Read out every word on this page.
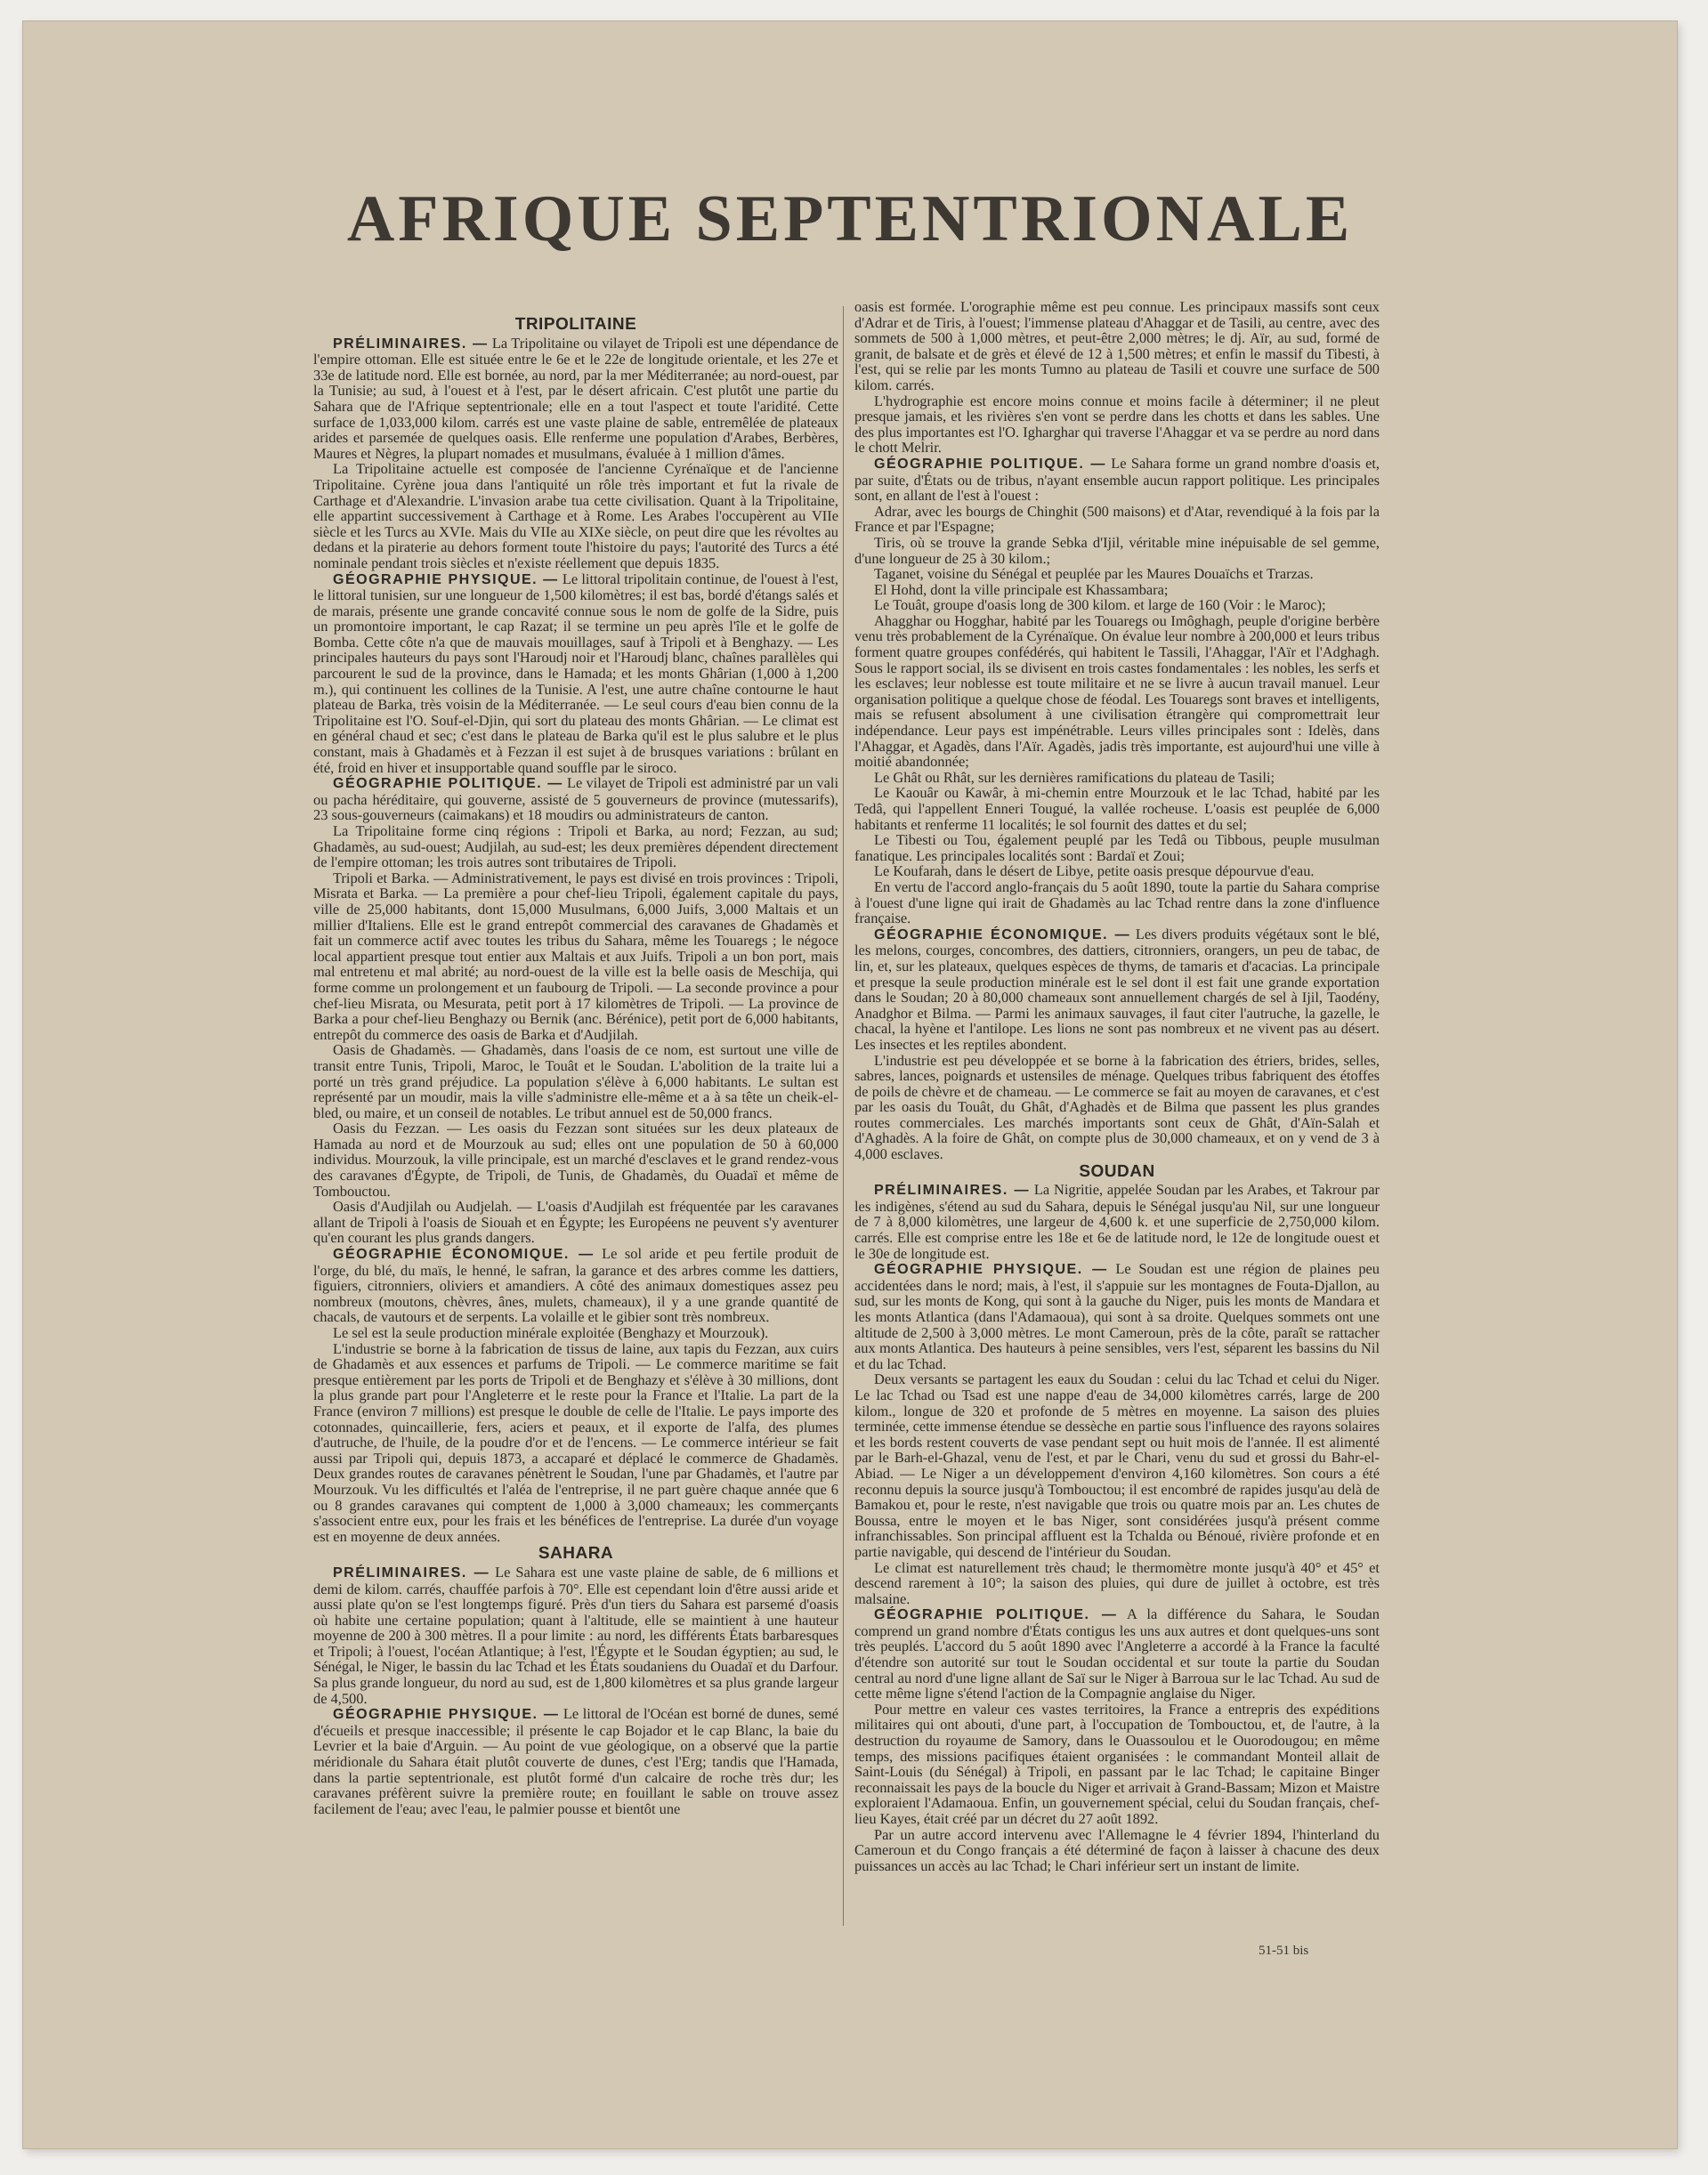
AFRIQUE SEPTENTRIONALE
TRIPOLITAINE

PRÉLIMINAIRES. — La Tripolitaine ou vilayet de Tripoli est une dépendance de l'empire ottoman. Elle est située entre le 6e et le 22e de longitude orientale, et les 27e et 33e de latitude nord. Elle est bornée, au nord, par la mer Méditerranée; au nord-ouest, par la Tunisie; au sud, à l'ouest et à l'est, par le désert africain. C'est plutôt une partie du Sahara que de l'Afrique septentrionale; elle en a tout l'aspect et toute l'aridité. Cette surface de 1,033,000 kilom. carrés est une vaste plaine de sable, entremêlée de plateaux arides et parsemée de quelques oasis. Elle renferme une population d'Arabes, Berbères, Maures et Nègres, la plupart nomades et musulmans, évaluée à 1 million d'âmes.

La Tripolitaine actuelle est composée de l'ancienne Cyrénaïque et de l'ancienne Tripolitaine. Cyrène joua dans l'antiquité un rôle très important et fut la rivale de Carthage et d'Alexandrie. L'invasion arabe tua cette civilisation. Quant à la Tripolitaine, elle appartint successivement à Carthage et à Rome. Les Arabes l'occupèrent au VIIe siècle et les Turcs au XVIe. Mais du VIIe au XIXe siècle, on peut dire que les révoltes au dedans et la piraterie au dehors forment toute l'histoire du pays; l'autorité des Turcs a été nominale pendant trois siècles et n'existe réellement que depuis 1835.

GÉOGRAPHIE PHYSIQUE. — Le littoral tripolitain continue, de l'ouest à l'est, le littoral tunisien, sur une longueur de 1,500 kilomètres; il est bas, bordé d'étangs salés et de marais, présente une grande concavité connue sous le nom de golfe de la Sidre, puis un promontoire important, le cap Razat; il se termine un peu après l'île et le golfe de Bomba. Cette côte n'a que de mauvais mouillages, sauf à Tripoli et à Benghazy. — Les principales hauteurs du pays sont l'Haroudj noir et l'Haroudj blanc, chaînes parallèles qui parcourent le sud de la province, dans le Hamada; et les monts Ghârian (1,000 à 1,200 m.), qui continuent les collines de la Tunisie. A l'est, une autre chaîne contourne le haut plateau de Barka, très voisin de la Méditerranée. — Le seul cours d'eau bien connu de la Tripolitaine est l'O. Souf-el-Djin, qui sort du plateau des monts Ghârian. — Le climat est en général chaud et sec; c'est dans le plateau de Barka qu'il est le plus salubre et le plus constant, mais à Ghadamès et à Fezzan il est sujet à de brusques variations : brûlant en été, froid en hiver et insupportable quand souffle par le siroco.

GÉOGRAPHIE POLITIQUE. — Le vilayet de Tripoli est administré par un vali ou pacha héréditaire, qui gouverne, assisté de 5 gouverneurs de province (mutessarifs), 23 sous-gouverneurs (caimakans) et 18 moudirs ou administrateurs de canton.

La Tripolitaine forme cinq régions : Tripoli et Barka, au nord; Fezzan, au sud; Ghadamès, au sud-ouest; Audjilah, au sud-est; les deux premières dépendent directement de l'empire ottoman; les trois autres sont tributaires de Tripoli.

Tripoli et Barka. — Administrativement, le pays est divisé en trois provinces : Tripoli, Misrata et Barka. — La première a pour chef-lieu Tripoli, également capitale du pays, ville de 25,000 habitants, dont 15,000 Musulmans, 6,000 Juifs, 3,000 Maltais et un millier d'Italiens. Elle est le grand entrepôt commercial des caravanes de Ghadamès et fait un commerce actif avec toutes les tribus du Sahara, même les Touaregs ; le négoce local appartient presque tout entier aux Maltais et aux Juifs. Tripoli a un bon port, mais mal entretenu et mal abrité; au nord-ouest de la ville est la belle oasis de Meschija, qui forme comme un prolongement et un faubourg de Tripoli. — La seconde province a pour chef-lieu Misrata, ou Mesurata, petit port à 17 kilomètres de Tripoli. — La province de Barka a pour chef-lieu Benghazy ou Bernik (anc. Bérénice), petit port de 6,000 habitants, entrepôt du commerce des oasis de Barka et d'Audjilah.

Oasis de Ghadamès. — Ghadamès, dans l'oasis de ce nom, est surtout une ville de transit entre Tunis, Tripoli, Maroc, le Touât et le Soudan. L'abolition de la traite lui a porté un très grand préjudice. La population s'élève à 6,000 habitants. Le sultan est représenté par un moudir, mais la ville s'administre elle-même et a à sa tête un cheik-el-bled, ou maire, et un conseil de notables. Le tribut annuel est de 50,000 francs.

Oasis du Fezzan. — Les oasis du Fezzan sont situées sur les deux plateaux de Hamada au nord et de Mourzouk au sud; elles ont une population de 50 à 60,000 individus. Mourzouk, la ville principale, est un marché d'esclaves et le grand rendez-vous des caravanes d'Égypte, de Tripoli, de Tunis, de Ghadamès, du Ouadaï et même de Tombouctou.

Oasis d'Audjilah ou Audjelah. — L'oasis d'Audjilah est fréquentée par les caravanes allant de Tripoli à l'oasis de Siouah et en Égypte; les Européens ne peuvent s'y aventurer qu'en courant les plus grands dangers.

GÉOGRAPHIE ÉCONOMIQUE. — Le sol aride et peu fertile produit de l'orge, du blé, du maïs, le henné, le safran, la garance et des arbres comme les dattiers, figuiers, citronniers, oliviers et amandiers. A côté des animaux domestiques assez peu nombreux (moutons, chèvres, ânes, mulets, chameaux), il y a une grande quantité de chacals, de vautours et de serpents. La volaille et le gibier sont très nombreux.

Le sel est la seule production minérale exploitée (Benghazy et Mourzouk).

L'industrie se borne à la fabrication de tissus de laine, aux tapis du Fezzan, aux cuirs de Ghadamès et aux essences et parfums de Tripoli. — Le commerce maritime se fait presque entièrement par les ports de Tripoli et de Benghazy et s'élève à 30 millions, dont la plus grande part pour l'Angleterre et le reste pour la France et l'Italie. La part de la France (environ 7 millions) est presque le double de celle de l'Italie. Le pays importe des cotonnades, quincaillerie, fers, aciers et peaux, et il exporte de l'alfa, des plumes d'autruche, de l'huile, de la poudre d'or et de l'encens. — Le commerce intérieur se fait aussi par Tripoli qui, depuis 1873, a accaparé et déplacé le commerce de Ghadamès. Deux grandes routes de caravanes pénètrent le Soudan, l'une par Ghadamès, et l'autre par Mourzouk. Vu les difficultés et l'aléa de l'entreprise, il ne part guère chaque année que 6 ou 8 grandes caravanes qui comptent de 1,000 à 3,000 chameaux; les commerçants s'associent entre eux, pour les frais et les bénéfices de l'entreprise. La durée d'un voyage est en moyenne de deux années.

SAHARA

PRÉLIMINAIRES. — Le Sahara est une vaste plaine de sable, de 6 millions et demi de kilom. carrés, chauffée parfois à 70°. Elle est cependant loin d'être aussi aride et aussi plate qu'on se l'est longtemps figuré. Près d'un tiers du Sahara est parsemé d'oasis où habite une certaine population; quant à l'altitude, elle se maintient à une hauteur moyenne de 200 à 300 mètres. Il a pour limite : au nord, les différents États barbaresques et Tripoli; à l'ouest, l'océan Atlantique; à l'est, l'Égypte et le Soudan égyptien; au sud, le Sénégal, le Niger, le bassin du lac Tchad et les États soudaniens du Ouadaï et du Darfour. Sa plus grande longueur, du nord au sud, est de 1,800 kilomètres et sa plus grande largeur de 4,500.

GÉOGRAPHIE PHYSIQUE. — Le littoral de l'Océan est borné de dunes, semé d'écueils et presque inaccessible; il présente le cap Bojador et le cap Blanc, la baie du Levrier et la baie d'Arguin. — Au point de vue géologique, on a observé que la partie méridionale du Sahara était plutôt couverte de dunes, c'est l'Erg; tandis que l'Hamada, dans la partie septentrionale, est plutôt formé d'un calcaire de roche très dur; les caravanes préfèrent suivre la première route; en fouillant le sable on trouve assez facilement de l'eau; avec l'eau, le palmier pousse et bientôt une

oasis est formée. L'orographie même est peu connue. Les principaux massifs sont ceux d'Adrar et de Tiris, à l'ouest; l'immense plateau d'Ahaggar et de Tasili, au centre, avec des sommets de 500 à 1,000 mètres, et peut-être 2,000 mètres; le dj. Aïr, au sud, formé de granit, de balsate et de grès et élevé de 12 à 1,500 mètres; et enfin le massif du Tibesti, à l'est, qui se relie par les monts Tumno au plateau de Tasili et couvre une surface de 500 kilom. carrés.

L'hydrographie est encore moins connue et moins facile à déterminer; il ne pleut presque jamais, et les rivières s'en vont se perdre dans les chotts et dans les sables. Une des plus importantes est l'O. Igharghar qui traverse l'Ahaggar et va se perdre au nord dans le chott Melrir.

GÉOGRAPHIE POLITIQUE. — Le Sahara forme un grand nombre d'oasis et, par suite, d'États ou de tribus, n'ayant ensemble aucun rapport politique. Les principales sont, en allant de l'est à l'ouest :

Adrar, avec les bourgs de Chinghit (500 maisons) et d'Atar, revendiqué à la fois par la France et par l'Espagne;

Tiris, où se trouve la grande Sebka d'Ijil, véritable mine inépuisable de sel gemme, d'une longueur de 25 à 30 kilom.;

Taganet, voisine du Sénégal et peuplée par les Maures Douaïchs et Trarzas.

El Hohd, dont la ville principale est Khassambara;

Le Touât, groupe d'oasis long de 300 kilom. et large de 160 (Voir : le Maroc);

Ahagghar ou Hogghar, habité par les Touaregs ou Imôghagh, peuple d'origine berbère venu très probablement de la Cyrénaïque. On évalue leur nombre à 200,000 et leurs tribus forment quatre groupes confédérés, qui habitent le Tassili, l'Ahaggar, l'Aïr et l'Adghagh. Sous le rapport social, ils se divisent en trois castes fondamentales : les nobles, les serfs et les esclaves; leur noblesse est toute militaire et ne se livre à aucun travail manuel. Leur organisation politique a quelque chose de féodal. Les Touaregs sont braves et intelligents, mais se refusent absolument à une civilisation étrangère qui compromettrait leur indépendance. Leur pays est impénétrable. Leurs villes principales sont : Idelès, dans l'Ahaggar, et Agadès, dans l'Aïr. Agadès, jadis très importante, est aujourd'hui une ville à moitié abandonnée;

Le Ghât ou Rhât, sur les dernières ramifications du plateau de Tasili;

Le Kaouâr ou Kawâr, à mi-chemin entre Mourzouk et le lac Tchad, habité par les Tedâ, qui l'appellent Enneri Tougué, la vallée rocheuse. L'oasis est peuplée de 6,000 habitants et renferme 11 localités; le sol fournit des dattes et du sel;

Le Tibesti ou Tou, également peuplé par les Tedâ ou Tibbous, peuple musulman fanatique. Les principales localités sont : Bardaï et Zoui;

Le Koufarah, dans le désert de Libye, petite oasis presque dépourvue d'eau.

En vertu de l'accord anglo-français du 5 août 1890, toute la partie du Sahara comprise à l'ouest d'une ligne qui irait de Ghadamès au lac Tchad rentre dans la zone d'influence française.

GÉOGRAPHIE ÉCONOMIQUE. — Les divers produits végétaux sont le blé, les melons, courges, concombres, des dattiers, citronniers, orangers, un peu de tabac, de lin, et, sur les plateaux, quelques espèces de thyms, de tamaris et d'acacias. La principale et presque la seule production minérale est le sel dont il est fait une grande exportation dans le Soudan; 20 à 80,000 chameaux sont annuellement chargés de sel à Ijil, Taodény, Anadghor et Bilma. — Parmi les animaux sauvages, il faut citer l'autruche, la gazelle, le chacal, la hyène et l'antilope. Les lions ne sont pas nombreux et ne vivent pas au désert. Les insectes et les reptiles abondent.

L'industrie est peu développée et se borne à la fabrication des étriers, brides, selles, sabres, lances, poignards et ustensiles de ménage. Quelques tribus fabriquent des étoffes de poils de chèvre et de chameau. — Le commerce se fait au moyen de caravanes, et c'est par les oasis du Touât, du Ghât, d'Aghadès et de Bilma que passent les plus grandes routes commerciales. Les marchés importants sont ceux de Ghât, d'Aïn-Salah et d'Aghadès. A la foire de Ghât, on compte plus de 30,000 chameaux, et on y vend de 3 à 4,000 esclaves.

SOUDAN

PRÉLIMINAIRES. — La Nigritie, appelée Soudan par les Arabes, et Takrour par les indigènes, s'étend au sud du Sahara, depuis le Sénégal jusqu'au Nil, sur une longueur de 7 à 8,000 kilomètres, une largeur de 4,600 k. et une superficie de 2,750,000 kilom. carrés. Elle est comprise entre les 18e et 6e de latitude nord, le 12e de longitude ouest et le 30e de longitude est.

GÉOGRAPHIE PHYSIQUE. — Le Soudan est une région de plaines peu accidentées dans le nord; mais, à l'est, il s'appuie sur les montagnes de Fouta-Djallon, au sud, sur les monts de Kong, qui sont à la gauche du Niger, puis les monts de Mandara et les monts Atlantica (dans l'Adamaoua), qui sont à sa droite. Quelques sommets ont une altitude de 2,500 à 3,000 mètres. Le mont Cameroun, près de la côte, paraît se rattacher aux monts Atlantica. Des hauteurs à peine sensibles, vers l'est, séparent les bassins du Nil et du lac Tchad.

Deux versants se partagent les eaux du Soudan : celui du lac Tchad et celui du Niger. Le lac Tchad ou Tsad est une nappe d'eau de 34,000 kilomètres carrés, large de 200 kilom., longue de 320 et profonde de 5 mètres en moyenne. La saison des pluies terminée, cette immense étendue se dessèche en partie sous l'influence des rayons solaires et les bords restent couverts de vase pendant sept ou huit mois de l'année. Il est alimenté par le Barh-el-Ghazal, venu de l'est, et par le Chari, venu du sud et grossi du Bahr-el-Abiad. — Le Niger a un développement d'environ 4,160 kilomètres. Son cours a été reconnu depuis la source jusqu'à Tombouctou; il est encombré de rapides jusqu'au delà de Bamakou et, pour le reste, n'est navigable que trois ou quatre mois par an. Les chutes de Boussa, entre le moyen et le bas Niger, sont considérées jusqu'à présent comme infranchissables. Son principal affluent est la Tchalda ou Bénoué, rivière profonde et en partie navigable, qui descend de l'intérieur du Soudan.

Le climat est naturellement très chaud; le thermomètre monte jusqu'à 40° et 45° et descend rarement à 10°; la saison des pluies, qui dure de juillet à octobre, est très malsaine.

GÉOGRAPHIE POLITIQUE. — A la différence du Sahara, le Soudan comprend un grand nombre d'États contigus les uns aux autres et dont quelques-uns sont très peuplés. L'accord du 5 août 1890 avec l'Angleterre a accordé à la France la faculté d'étendre son autorité sur tout le Soudan occidental et sur toute la partie du Soudan central au nord d'une ligne allant de Saï sur le Niger à Barroua sur le lac Tchad. Au sud de cette même ligne s'étend l'action de la Compagnie anglaise du Niger.

Pour mettre en valeur ces vastes territoires, la France a entrepris des expéditions militaires qui ont abouti, d'une part, à l'occupation de Tombouctou, et, de l'autre, à la destruction du royaume de Samory, dans le Ouassoulou et le Ouorodougou; en même temps, des missions pacifiques étaient organisées : le commandant Monteil allait de Saint-Louis (du Sénégal) à Tripoli, en passant par le lac Tchad; le capitaine Binger reconnaissait les pays de la boucle du Niger et arrivait à Grand-Bassam; Mizon et Maistre exploraient l'Adamaoua. Enfin, un gouvernement spécial, celui du Soudan français, chef-lieu Kayes, était créé par un décret du 27 août 1892.

Par un autre accord intervenu avec l'Allemagne le 4 février 1894, l'hinterland du Cameroun et du Congo français a été déterminé de façon à laisser à chacune des deux puissances un accès au lac Tchad; le Chari inférieur sert un instant de limite.

51-51 bis
